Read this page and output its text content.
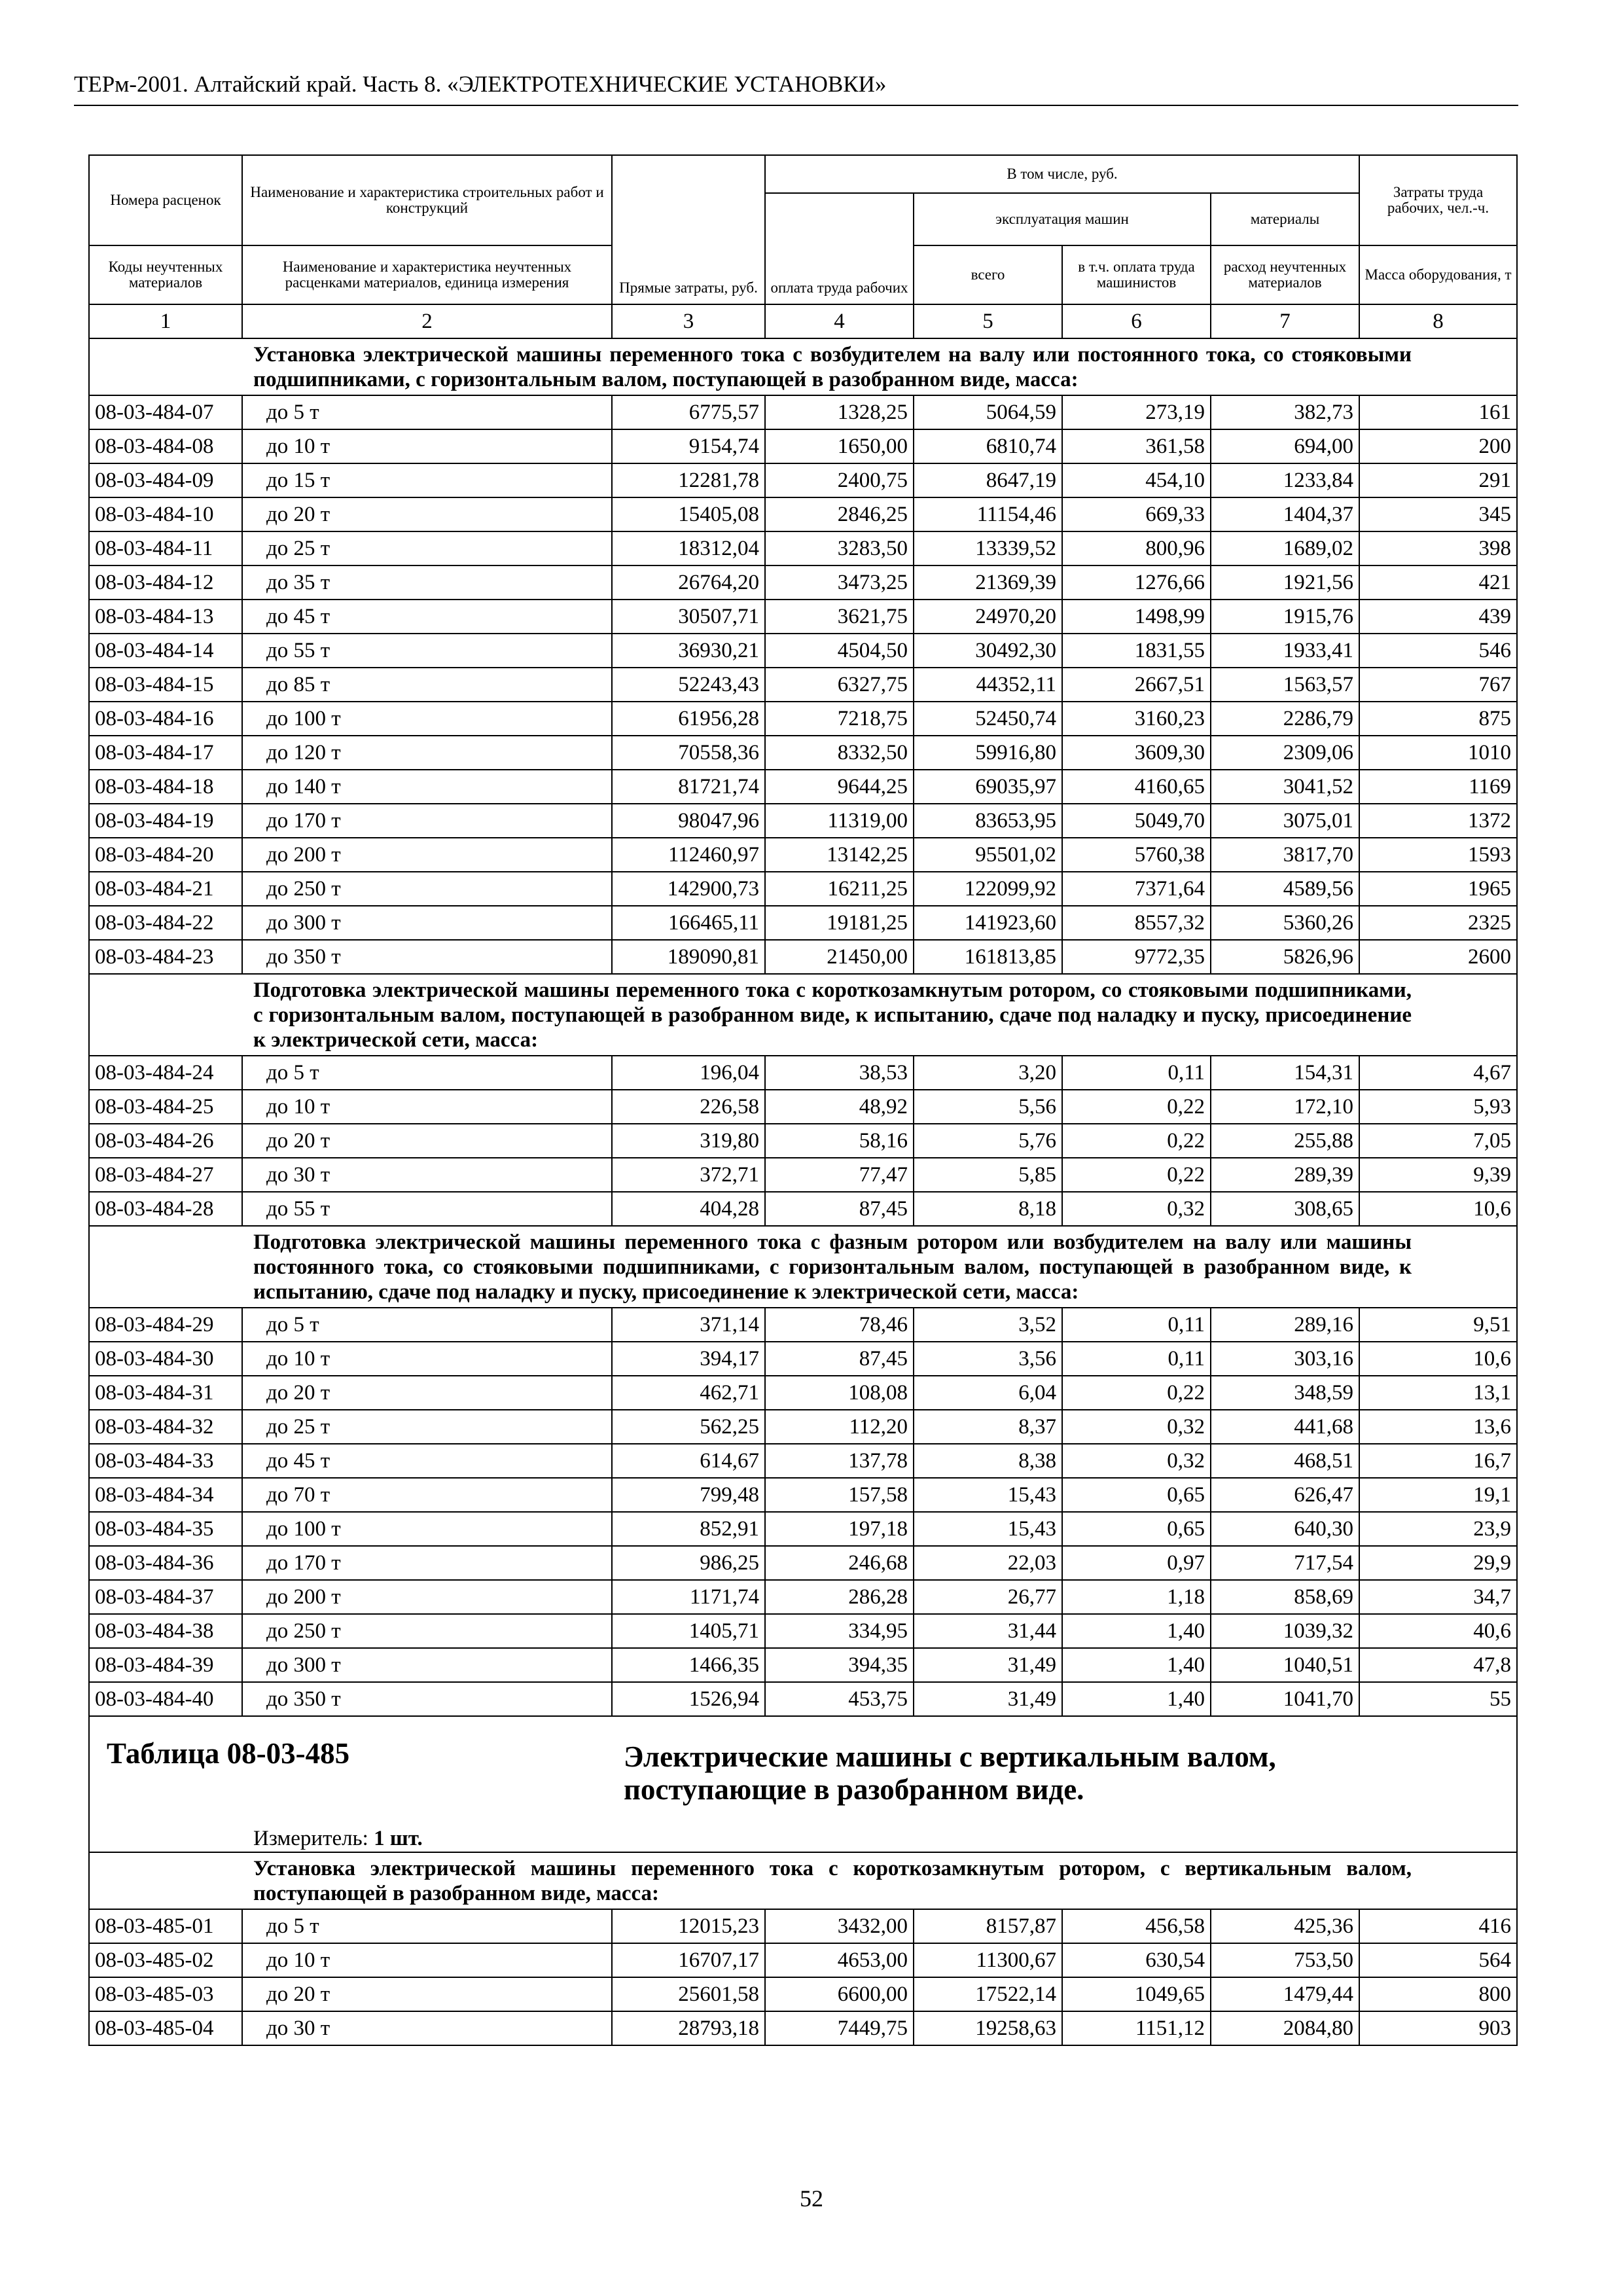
ТЕРм-2001. Алтайский край. Часть 8. «ЭЛЕКТРОТЕХНИЧЕСКИЕ УСТАНОВКИ»
Номера расценок	Наименование и характеристика строительных работ и конструкций	Прямые затраты, руб.	В том числе, руб.				Затраты труда рабочих, чел.-ч.
			оплата труда рабочих	эксплуатация машин		материалы	
Коды неучтенных материалов	Наименование и характеристика неучтенных расценками материалов, единица измерения			всего	в т.ч. оплата труда машинистов	расход неучтенных материалов	Масса оборудования, т
1	2	3	4	5	6	7	8
Установка электрической машины переменного тока с возбудителем на валу или постоянного тока, со стояковыми подшипниками, с горизонтальным валом, поступающей в разобранном виде, масса:							
08-03-484-07	до 5 т	6775,57	1328,25	5064,59	273,19	382,73	161
08-03-484-08	до 10 т	9154,74	1650,00	6810,74	361,58	694,00	200
08-03-484-09	до 15 т	12281,78	2400,75	8647,19	454,10	1233,84	291
08-03-484-10	до 20 т	15405,08	2846,25	11154,46	669,33	1404,37	345
08-03-484-11	до 25 т	18312,04	3283,50	13339,52	800,96	1689,02	398
08-03-484-12	до 35 т	26764,20	3473,25	21369,39	1276,66	1921,56	421
08-03-484-13	до 45 т	30507,71	3621,75	24970,20	1498,99	1915,76	439
08-03-484-14	до 55 т	36930,21	4504,50	30492,30	1831,55	1933,41	546
08-03-484-15	до 85 т	52243,43	6327,75	44352,11	2667,51	1563,57	767
08-03-484-16	до 100 т	61956,28	7218,75	52450,74	3160,23	2286,79	875
08-03-484-17	до 120 т	70558,36	8332,50	59916,80	3609,30	2309,06	1010
08-03-484-18	до 140 т	81721,74	9644,25	69035,97	4160,65	3041,52	1169
08-03-484-19	до 170 т	98047,96	11319,00	83653,95	5049,70	3075,01	1372
08-03-484-20	до 200 т	112460,97	13142,25	95501,02	5760,38	3817,70	1593
08-03-484-21	до 250 т	142900,73	16211,25	122099,92	7371,64	4589,56	1965
08-03-484-22	до 300 т	166465,11	19181,25	141923,60	8557,32	5360,26	2325
08-03-484-23	до 350 т	189090,81	21450,00	161813,85	9772,35	5826,96	2600
Подготовка электрической машины переменного тока с короткозамкнутым ротором, со стояковыми подшипниками, с горизонтальным валом, поступающей в разобранном виде, к испытанию, сдаче под наладку и пуску, присоединение к электрической сети, масса:							
08-03-484-24	до 5 т	196,04	38,53	3,20	0,11	154,31	4,67
08-03-484-25	до 10 т	226,58	48,92	5,56	0,22	172,10	5,93
08-03-484-26	до 20 т	319,80	58,16	5,76	0,22	255,88	7,05
08-03-484-27	до 30 т	372,71	77,47	5,85	0,22	289,39	9,39
08-03-484-28	до 55 т	404,28	87,45	8,18	0,32	308,65	10,6
Подготовка электрической машины переменного тока с фазным ротором или возбудителем на валу или машины постоянного тока, со стояковыми подшипниками, с горизонтальным валом, поступающей в разобранном виде, к испытанию, сдаче под наладку и пуску, присоединение к электрической сети, масса:							
08-03-484-29	до 5 т	371,14	78,46	3,52	0,11	289,16	9,51
08-03-484-30	до 10 т	394,17	87,45	3,56	0,11	303,16	10,6
08-03-484-31	до 20 т	462,71	108,08	6,04	0,22	348,59	13,1
08-03-484-32	до 25 т	562,25	112,20	8,37	0,32	441,68	13,6
08-03-484-33	до 45 т	614,67	137,78	8,38	0,32	468,51	16,7
08-03-484-34	до 70 т	799,48	157,58	15,43	0,65	626,47	19,1
08-03-484-35	до 100 т	852,91	197,18	15,43	0,65	640,30	23,9
08-03-484-36	до 170 т	986,25	246,68	22,03	0,97	717,54	29,9
08-03-484-37	до 200 т	1171,74	286,28	26,77	1,18	858,69	34,7
08-03-484-38	до 250 т	1405,71	334,95	31,44	1,40	1039,32	40,6
08-03-484-39	до 300 т	1466,35	394,35	31,49	1,40	1040,51	47,8
08-03-484-40	до 350 т	1526,94	453,75	31,49	1,40	1041,70	55

Таблица 08-03-485 Электрические машины с вертикальным валом, поступающие в разобранном виде.
Измеритель: 1 шт.							

Установка электрической машины переменного тока с короткозамкнутым ротором, с вертикальным валом, поступающей в разобранном виде, масса:							
08-03-485-01	до 5 т	12015,23	3432,00	8157,87	456,58	425,36	416
08-03-485-02	до 10 т	16707,17	4653,00	11300,67	630,54	753,50	564
08-03-485-03	до 20 т	25601,58	6600,00	17522,14	1049,65	1479,44	800
08-03-485-04	до 30 т	28793,18	7449,75	19258,63	1151,12	2084,80	903
52
